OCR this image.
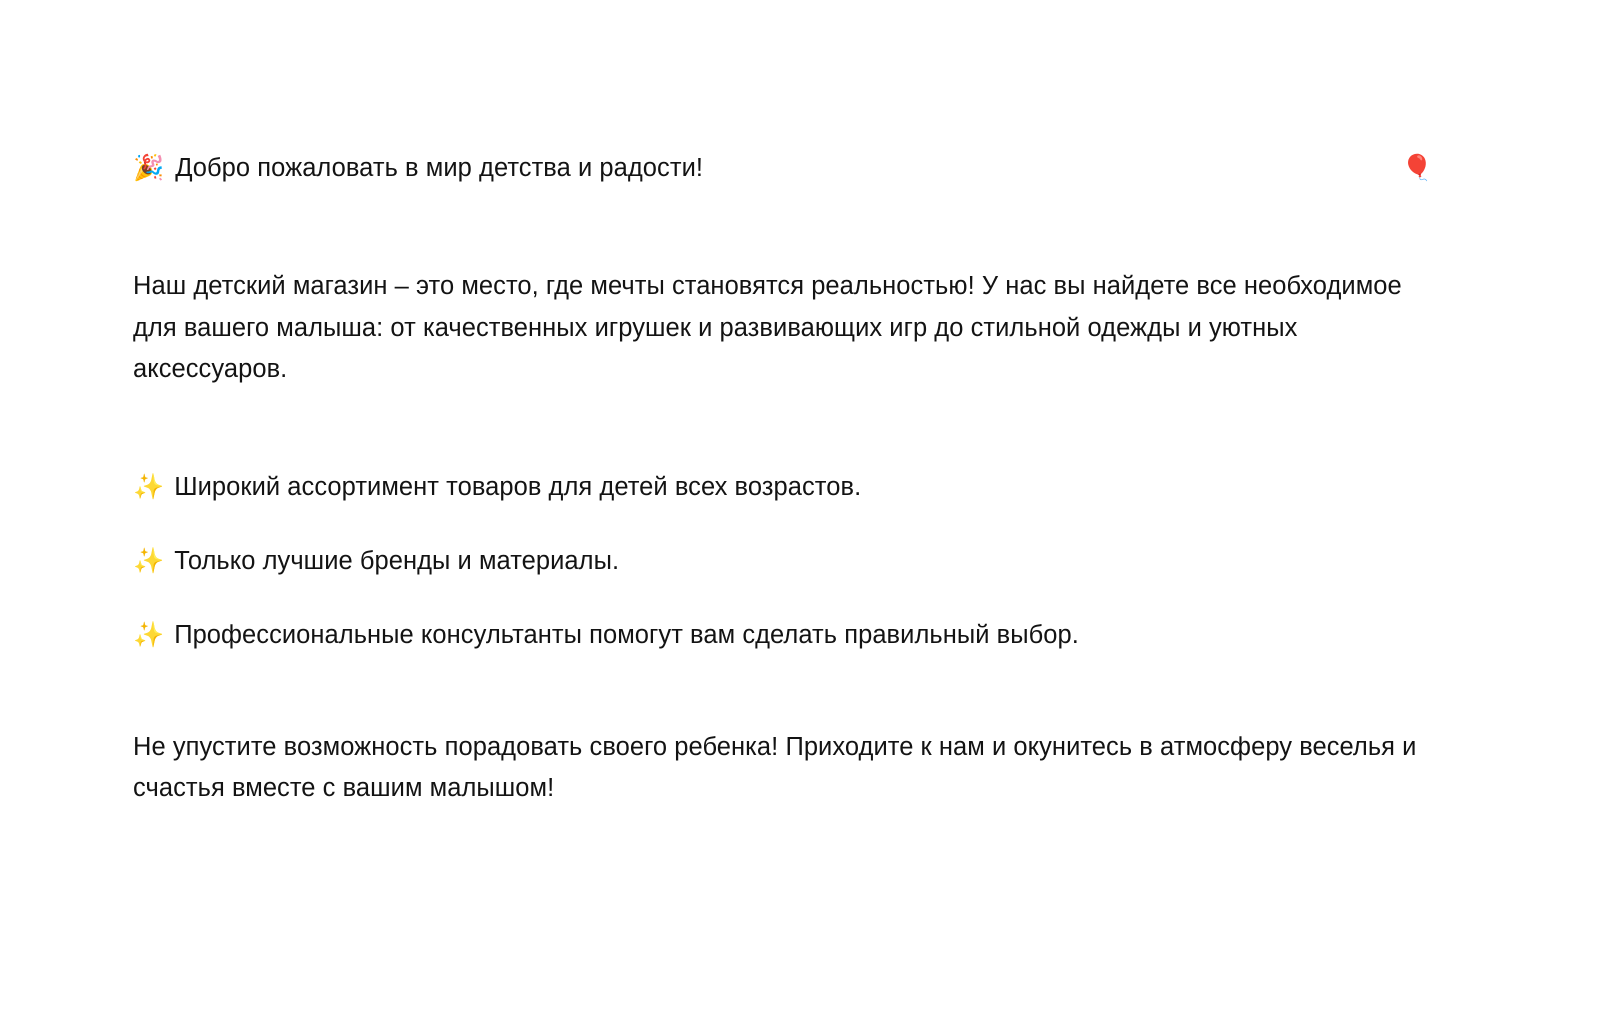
🎉 Добро пожаловать в мир детства и радости!	🎈
Наш детский магазин – это место, где мечты становятся реальностью! У нас вы найдете все необходимое для вашего малыша: от качественных игрушек и развивающих игр до стильной одежды и уютных аксессуаров.
✨ Широкий ассортимент товаров для детей всех возрастов.
✨ Только лучшие бренды и материалы.
✨ Профессиональные консультанты помогут вам сделать правильный выбор.
Не упустите возможность порадовать своего ребенка! Приходите к нам и окунитесь в атмосферу веселья и счастья вместе с вашим малышом!
